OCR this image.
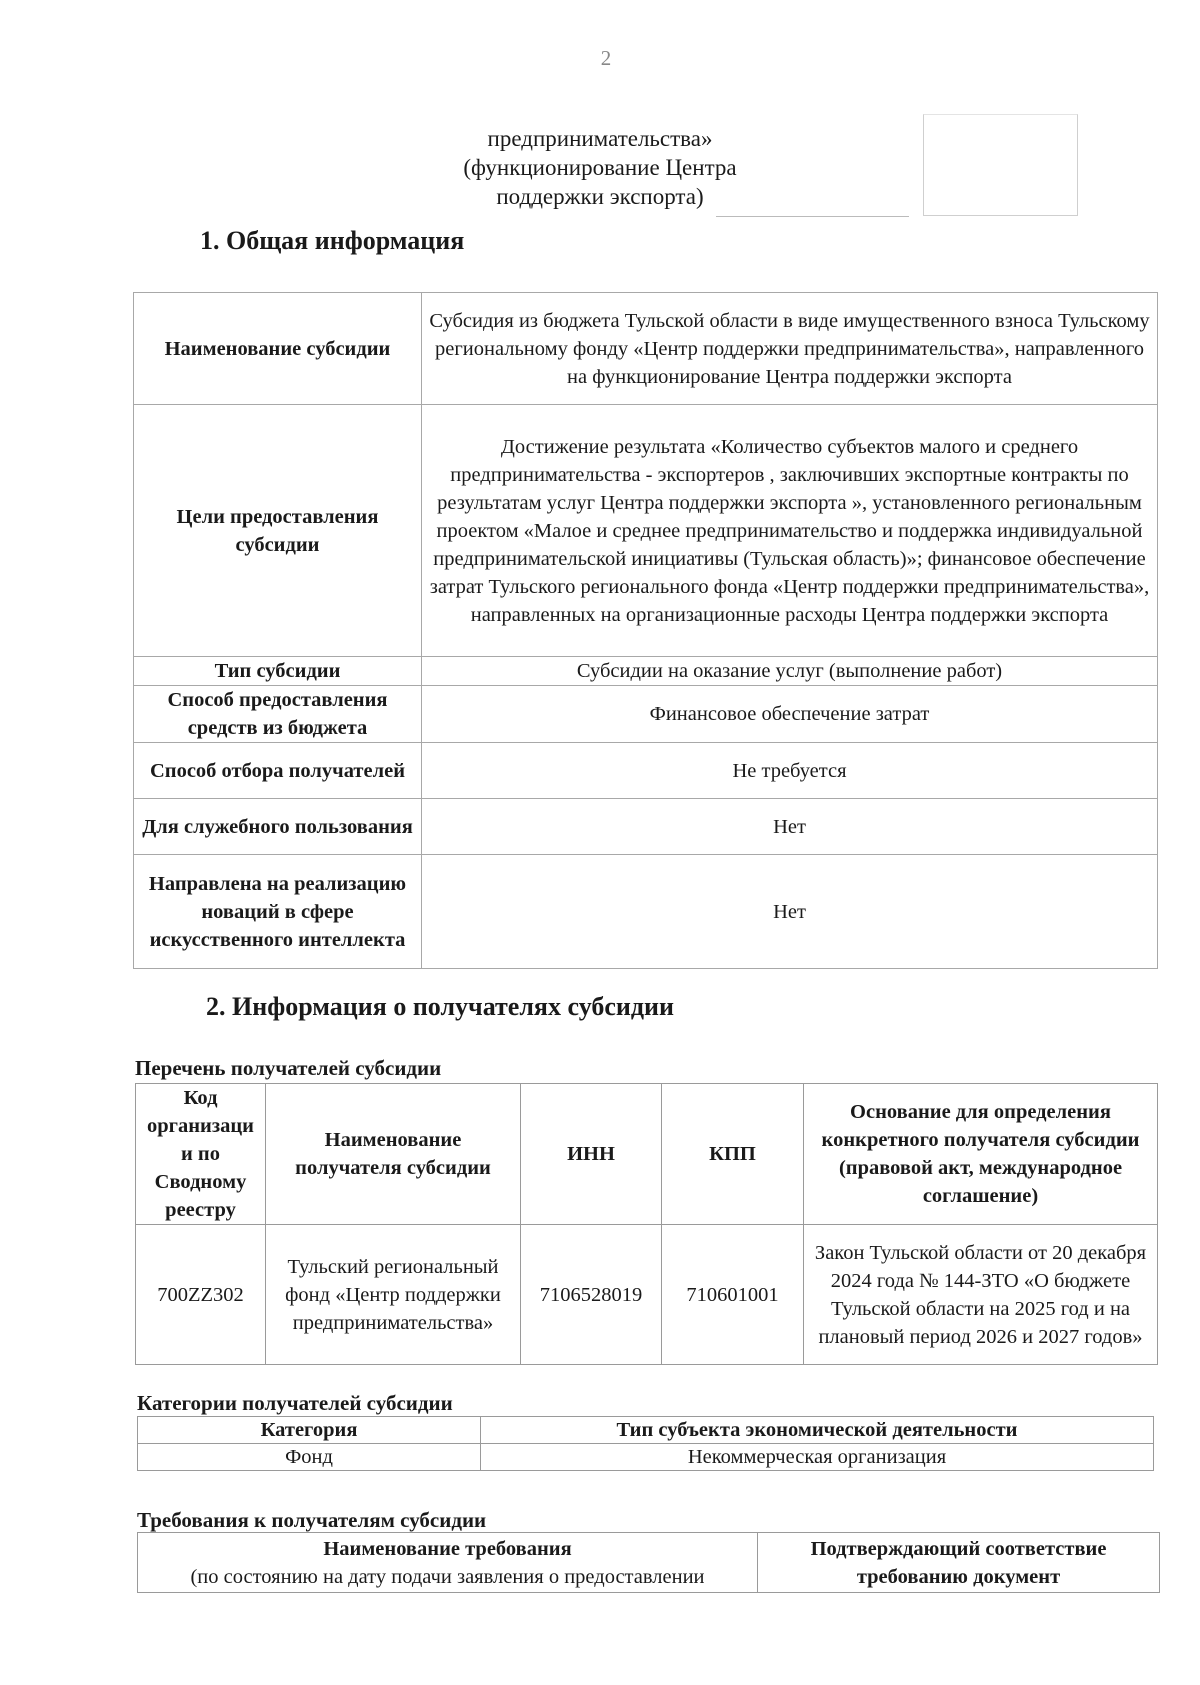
2
предпринимательства»
(функционирование Центра
поддержки экспорта)
1. Общая информация
Наименование субсидии	Субсидия из бюджета Тульской области в виде имущественного взноса Тульскому региональному фонду «Центр поддержки предпринимательства», направленного на функционирование Центра поддержки экспорта
Цели предоставления субсидии	Достижение результата «Количество субъектов малого и среднего предпринимательства - экспортеров , заключивших экспортные контракты по результатам услуг Центра поддержки экспорта », установленного региональным проектом «Малое и среднее предпринимательство и поддержка индивидуальной предпринимательской инициативы (Тульская область)»; финансовое обеспечение затрат Тульского регионального фонда «Центр поддержки предпринимательства», направленных на организационные расходы Центра поддержки экспорта
Тип субсидии	Субсидии на оказание услуг (выполнение работ)
Способ предоставления средств из бюджета	Финансовое обеспечение затрат
Способ отбора получателей	Не требуется
Для служебного пользования	Нет
Направлена на реализацию новаций в сфере искусственного интеллекта	Нет
2. Информация о получателях субсидии
Перечень получателей субсидии
Код организаци и по Сводному реестру	Наименование получателя субсидии	ИНН	КПП	Основание для определения конкретного получателя субсидии (правовой акт, международное соглашение)
700ZZ302	Тульский региональный фонд «Центр поддержки предпринимательства»	7106528019	710601001	Закон Тульской области от 20 декабря 2024 года № 144-ЗТО «О бюджете Тульской области на 2025 год и на плановый период 2026 и 2027 годов»
Категории получателей субсидии
Категория	Тип субъекта экономической деятельности
Фонд	Некоммерческая организация
Требования к получателям субсидии
Наименование требования
(по состоянию на дату подачи заявления о предоставлении
	Подтверждающий соответствие требованию документ
